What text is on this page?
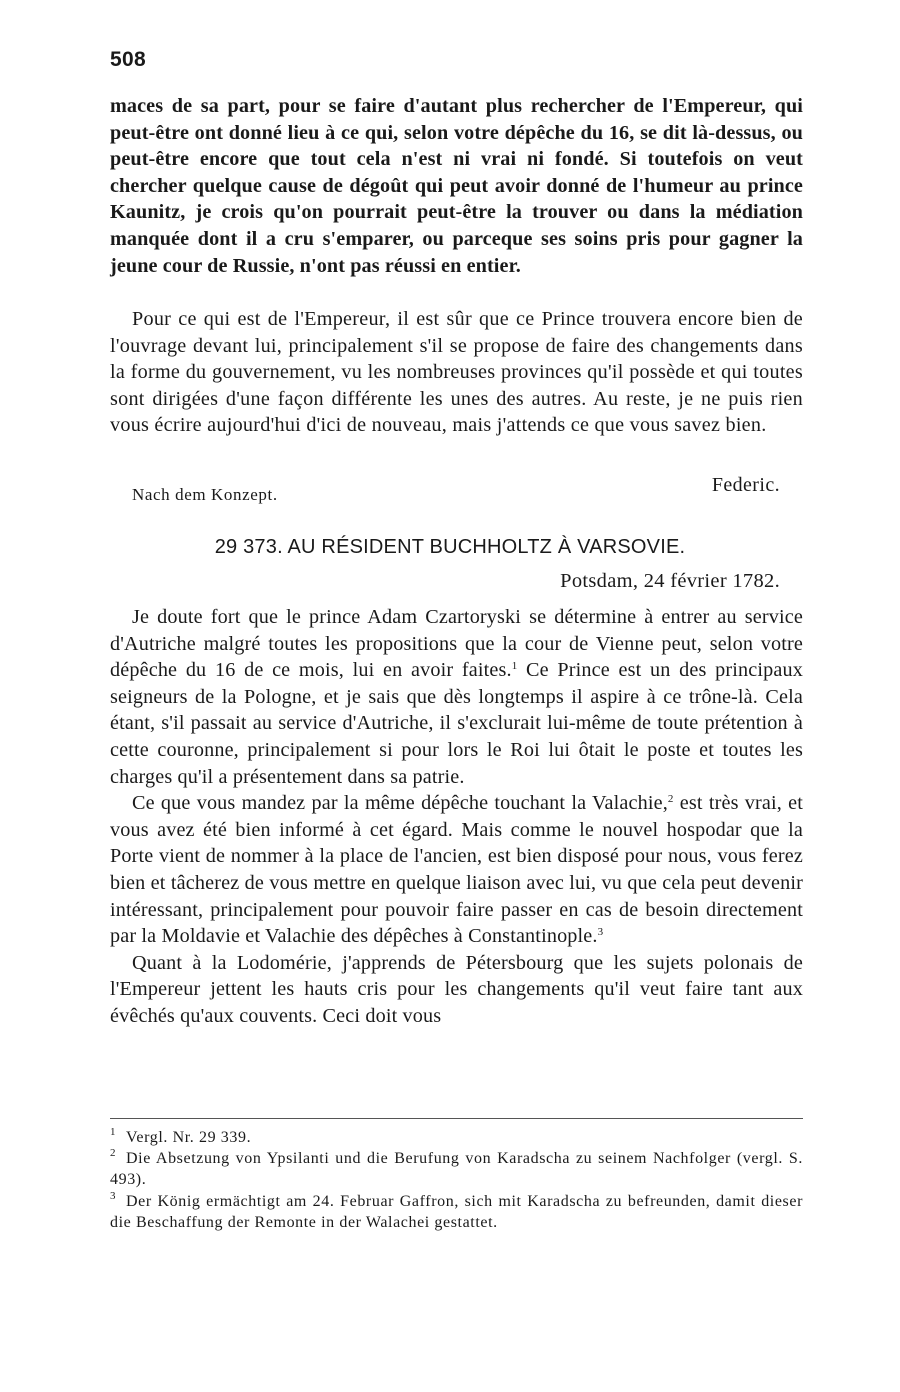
508

maces de sa part, pour se faire d'autant plus rechercher de l'Empereur, qui peut-être ont donné lieu à ce qui, selon votre dépêche du 16, se dit là-dessus, ou peut-être encore que tout cela n'est ni vrai ni fondé. Si toutefois on veut chercher quelque cause de dégoût qui peut avoir donné de l'humeur au prince Kaunitz, je crois qu'on pourrait peut-être la trouver ou dans la médiation manquée dont il a cru s'emparer, ou parceque ses soins pris pour gagner la jeune cour de Russie, n'ont pas réussi en entier.

Pour ce qui est de l'Empereur, il est sûr que ce Prince trouvera encore bien de l'ouvrage devant lui, principalement s'il se propose de faire des changements dans la forme du gouvernement, vu les nombreuses provinces qu'il possède et qui toutes sont dirigées d'une façon différente les unes des autres. Au reste, je ne puis rien vous écrire aujourd'hui d'ici de nouveau, mais j'attends ce que vous savez bien.

Nach dem Konzept.	Federic.
29 373. AU RÉSIDENT BUCHHOLTZ À VARSOVIE.
Potsdam, 24 février 1782.

Je doute fort que le prince Adam Czartoryski se détermine à entrer au service d'Autriche malgré toutes les propositions que la cour de Vienne peut, selon votre dépêche du 16 de ce mois, lui en avoir faites.$^1$ Ce Prince est un des principaux seigneurs de la Pologne, et je sais que dès longtemps il aspire à ce trône-là. Cela étant, s'il passait au service d'Autriche, il s'exclurait lui-même de toute prétention à cette couronne, principalement si pour lors le Roi lui ôtait le poste et toutes les charges qu'il a présentement dans sa patrie.

Ce que vous mandez par la même dépêche touchant la Valachie,$^2$ est très vrai, et vous avez été bien informé à cet égard. Mais comme le nouvel hospodar que la Porte vient de nommer à la place de l'ancien, est bien disposé pour nous, vous ferez bien et tâcherez de vous mettre en quelque liaison avec lui, vu que cela peut devenir intéressant, principalement pour pouvoir faire passer en cas de besoin directement par la Moldavie et Valachie des dépêches à Constantinople.$^3$

Quant à la Lodomérie, j'apprends de Pétersbourg que les sujets polonais de l'Empereur jettent les hauts cris pour les changements qu'il veut faire tant aux évêchés qu'aux couvents. Ceci doit vous

$^1$ Vergl. Nr. 29 339.

$^2$ Die Absetzung von Ypsilanti und die Berufung von Karadscha zu seinem Nachfolger (vergl. S. 493).

$^3$ Der König ermächtigt am 24. Februar Gaffron, sich mit Karadscha zu befreunden, damit dieser die Beschaffung der Remonte in der Walachei gestattet.
